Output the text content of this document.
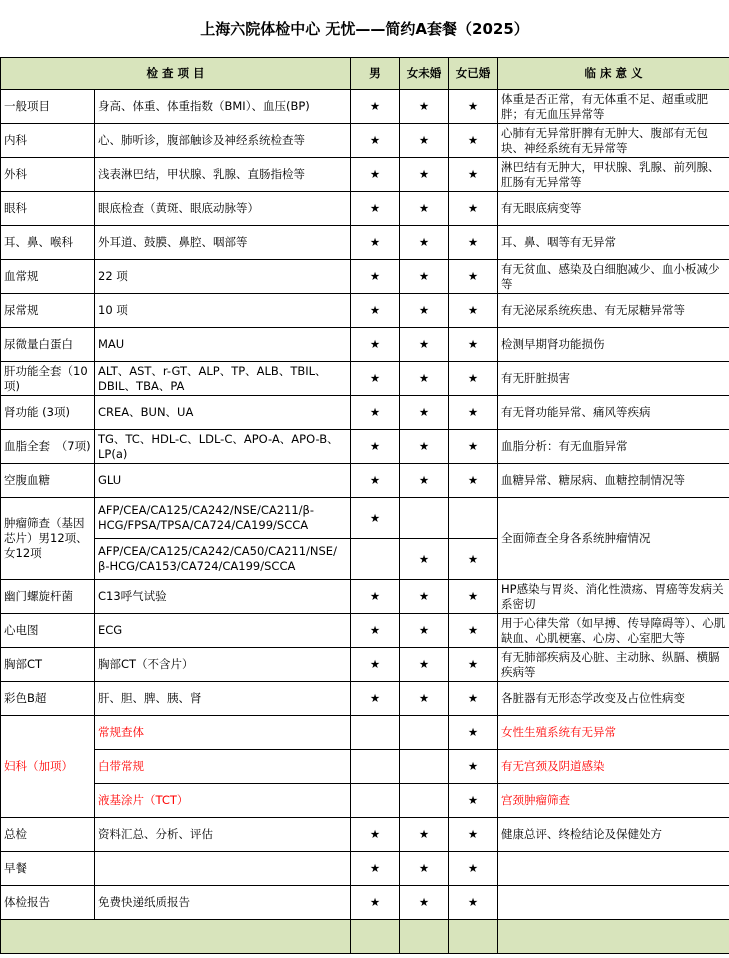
上海六院体检中心 无忧——简约A套餐（2025）
检 查 项 目		男	女未婚	女已婚	临 床 意 义
一般项目	身高、体重、体重指数（BMI）、血压(BP)	★	★	★	体重是否正常，有无体重不足、超重或肥胖；有无血压异常等
内科	心、肺听诊，腹部触诊及神经系统检查等	★	★	★	心肺有无异常肝脾有无肿大、腹部有无包块、神经系统有无异常等
外科	浅表淋巴结，甲状腺、乳腺、直肠指检等	★	★	★	淋巴结有无肿大，甲状腺、乳腺、前列腺、肛肠有无异常等
眼科	眼底检查（黄斑、眼底动脉等）	★	★	★	有无眼底病变等
耳、鼻、喉科	外耳道、鼓膜、鼻腔、咽部等	★	★	★	耳、鼻、咽等有无异常
血常规	22 项	★	★	★	有无贫血、感染及白细胞减少、血小板减少等
尿常规	10 项	★	★	★	有无泌尿系统疾患、有无尿糖异常等
尿微量白蛋白	MAU	★	★	★	检测早期肾功能损伤
肝功能全套（10项)	ALT、AST、r-GT、ALP、TP、ALB、TBIL、DBIL、TBA、PA	★	★	★	有无肝脏损害
肾功能 (3项)	CREA、BUN、UA	★	★	★	有无肾功能异常、痛风等疾病
血脂全套　（7项)	TG、TC、HDL-C、LDL-C、APO-A、APO-B、LP(a)	★	★	★	血脂分析：有无血脂异常
空腹血糖	GLU	★	★	★	血糖异常、糖尿病、血糖控制情况等
肿瘤筛查（基因芯片）男12项、女12项	AFP/CEA/CA125/CA242/NSE/CA211/β-HCG/FPSA/TPSA/CA724/CA199/SCCA	★			全面筛查全身各系统肿瘤情况
	AFP/CEA/CA125/CA242/CA50/CA211/NSE/β-HCG/CA153/CA724/CA199/SCCA		★	★	
幽门螺旋杆菌	C13呼气试验	★	★	★	HP感染与胃炎、消化性溃疡、胃癌等发病关系密切
心电图	ECG	★	★	★	用于心律失常（如早搏、传导障碍等）、心肌缺血、心肌梗塞、心房、心室肥大等
胸部CT	胸部CT（不含片）	★	★	★	有无肺部疾病及心脏、主动脉、纵膈、横膈疾病等
彩色B超	肝、胆、脾、胰、肾	★	★	★	各脏器有无形态学改变及占位性病变
妇科（加项）	常规查体			★	女性生殖系统有无异常
	白带常规			★	有无宫颈及阴道感染
	液基涂片（TCT）			★	宫颈肿瘤筛查
总检	资料汇总、分析、评估	★	★	★	健康总评、终检结论及保健处方
早餐		★	★	★	
体检报告	免费快递纸质报告	★	★	★	
